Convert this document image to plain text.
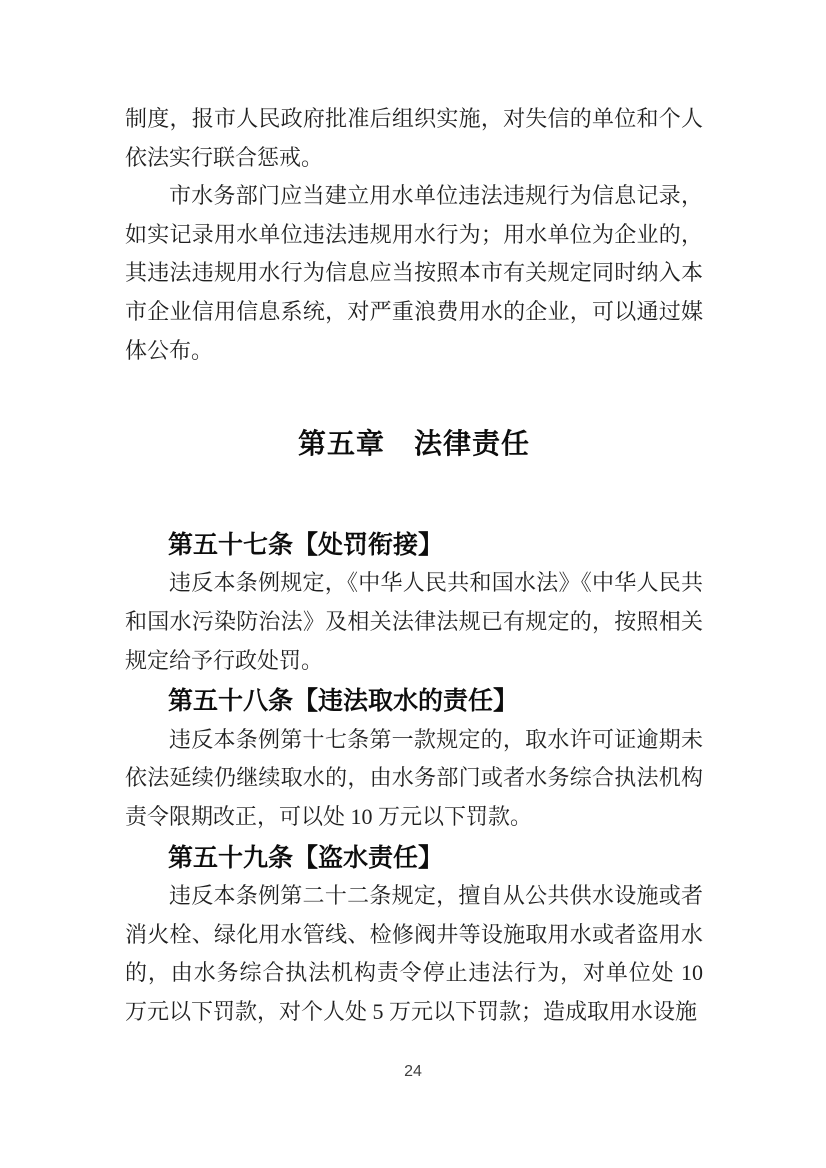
制度，报市人民政府批准后组织实施，对失信的单位和个人依法实行联合惩戒。

市水务部门应当建立用水单位违法违规行为信息记录，如实记录用水单位违法违规用水行为；用水单位为企业的，其违法违规用水行为信息应当按照本市有关规定同时纳入本市企业信用信息系统，对严重浪费用水的企业，可以通过媒体公布。

第五章　法律责任
第五十七条【处罚衔接】

违反本条例规定，《中华人民共和国水法》《中华人民共和国水污染防治法》及相关法律法规已有规定的，按照相关规定给予行政处罚。

第五十八条【违法取水的责任】

违反本条例第十七条第一款规定的，取水许可证逾期未依法延续仍继续取水的，由水务部门或者水务综合执法机构责令限期改正，可以处 10 万元以下罚款。

第五十九条【盗水责任】

违反本条例第二十二条规定，擅自从公共供水设施或者消火栓、绿化用水管线、检修阀井等设施取用水或者盗用水的，由水务综合执法机构责令停止违法行为，对单位处 10 万元以下罚款，对个人处 5 万元以下罚款；造成取用水设施

24
